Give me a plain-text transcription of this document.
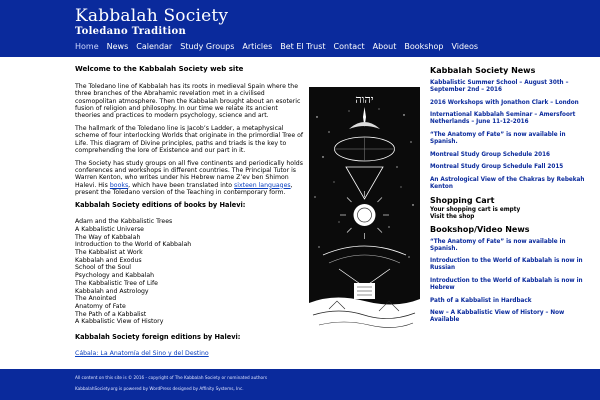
Kabbalah Society
Toledano Tradition
Home News Calendar Study Groups Articles Bet El Trust Contact About Bookshop Videos
Welcome to the Kabbalah Society web site
The Toledano line of Kabbalah has its roots in medieval Spain where the three branches of the Abrahamic revelation met in a civilised cosmopolitan atmosphere. Then the Kabbalah brought about an esoteric fusion of religion and philosophy. In our time we relate its ancient theories and practices to modern psychology, science and art.
The hallmark of the Toledano line is Jacob’s Ladder, a metaphysical scheme of four interlocking Worlds that originate in the primordial Tree of Life. This diagram of Divine principles, paths and triads is the key to comprehending the lore of Existence and our part in it.
The Society has study groups on all five continents and periodically holds conferences and workshops in different countries. The Principal Tutor is Warren Kenton, who writes under his Hebrew name Z’ev ben Shimon Halevi. His books, which have been translated into sixteen languages, present the Toledano version of the Teaching in contemporary form.
Kabbalah Society editions of books by Halevi:
Adam and the Kabbalistic Trees
A Kabbalistic Universe
The Way of Kabbalah
Introduction to the World of Kabbalah
The Kabbalist at Work
Kabbalah and Exodus
School of the Soul
Psychology and Kabbalah
The Kabbalistic Tree of Life
Kabbalah and Astrology
The Anointed
Anatomy of Fate
The Path of a Kabbalist
A Kabbalistic View of History
Kabbalah Society foreign editions by Halevi:
Cábala: La Anatomía del Sino y del Destino
יהוה
Kabbalah Society News
Kabbalistic Summer School – August 30th – September 2nd – 2016
2016 Workshops with Jonathon Clark – London
International Kabbalah Seminar – Amersfoort Netherlands – June 11-12-2016
“The Anatomy of Fate” is now available in Spanish.
Montreal Study Group Schedule 2016
Montreal Study Group Schedule Fall 2015
An Astrological View of the Chakras by Rebekah Kenton
Shopping Cart
Your shopping cart is empty
Visit the shop
Bookshop/Video News
“The Anatomy of Fate” is now available in Spanish.
Introduction to the World of Kabbalah is now in Russian
Introduction to the World of Kabbalah is now in Hebrew
Path of a Kabbalist in Hardback
New – A Kabbalistic View of History – Now Available
All content on this site is © 2016 - copyright of The Kabbalah Society or nominated authors
KabbalahSociety.org is powered by WordPress designed by Affinity Systems, Inc.
